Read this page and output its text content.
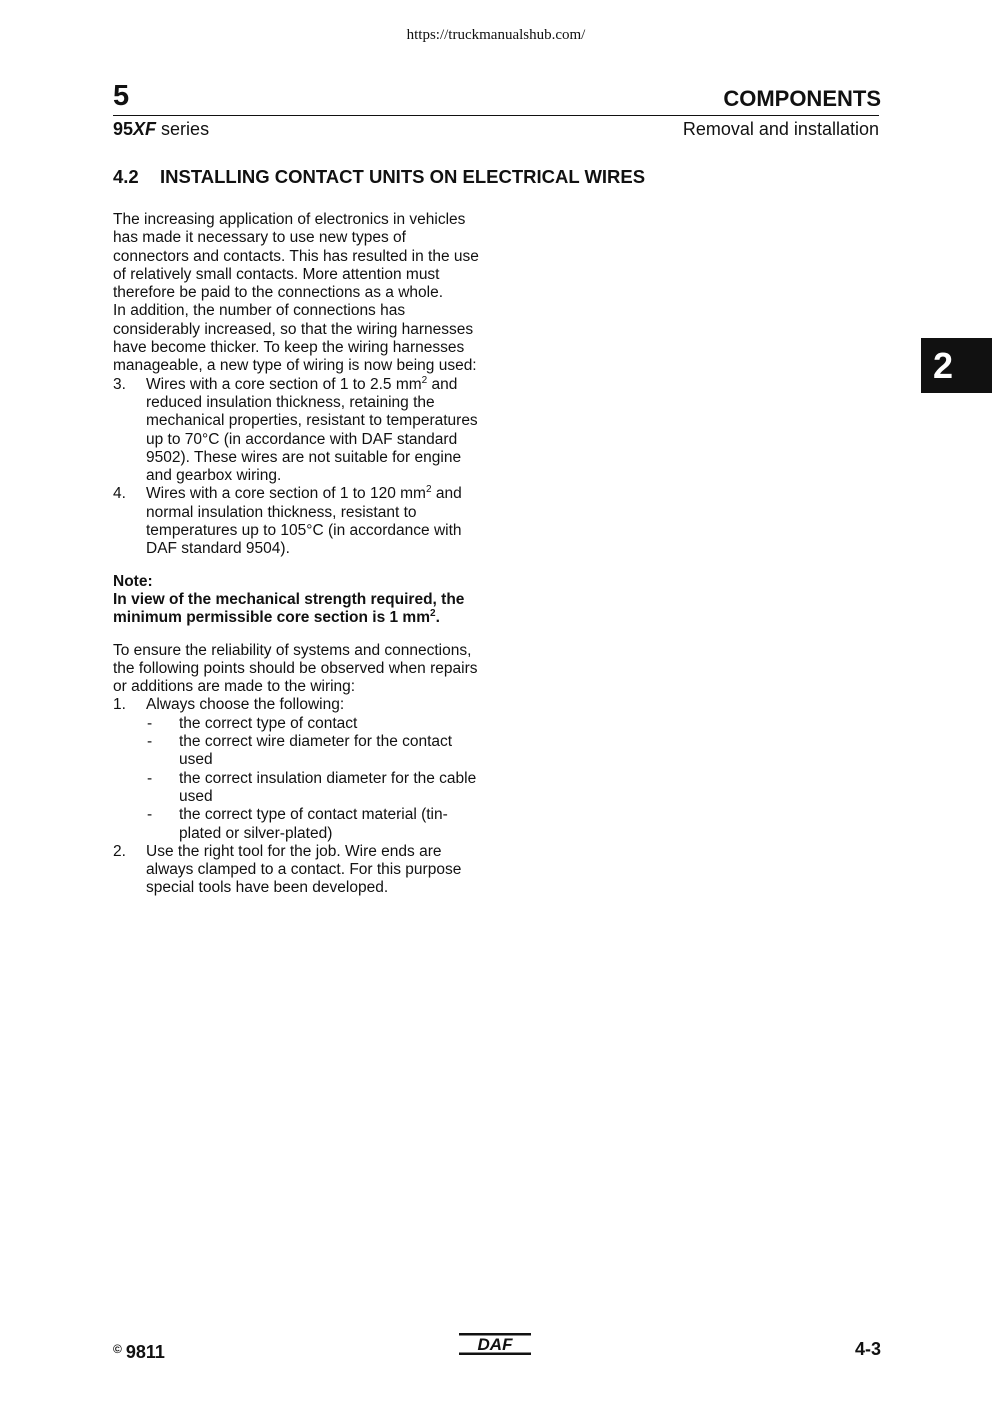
https://truckmanualshub.com/
5	COMPONENTS
95XF series	Removal and installation
4.2 INSTALLING CONTACT UNITS ON ELECTRICAL WIRES

The increasing application of electronics in vehicles has made it necessary to use new types of connectors and contacts. This has resulted in the use of relatively small contacts. More attention must therefore be paid to the connections as a whole.

In addition, the number of connections has considerably increased, so that the wiring harnesses have become thicker. To keep the wiring harnesses manageable, a new type of wiring is now being used:

3.	Wires with a core section of 1 to 2.5 $mm^2$ and reduced insulation thickness, retaining the mechanical properties, resistant to temperatures up to 70°C (in accordance with DAF standard 9502). These wires are not suitable for engine and gearbox wiring.
4.	Wires with a core section of 1 to 120 $mm^2$ and normal insulation thickness, resistant to temperatures up to 105°C (in accordance with DAF standard 9504).
Note:
In view of the mechanical strength required, the minimum permissible core section is 1 $mm^2$.

To ensure the reliability of systems and connections, the following points should be observed when repairs or additions are made to the wiring:

1.	Always choose the following:
-	the correct type of contact
-	the correct wire diameter for the contact used
-	the correct insulation diameter for the cable used
-	the correct type of contact material (tin-plated or silver-plated)
2.	Use the right tool for the job. Wire ends are always clamped to a contact. For this purpose special tools have been developed.
2
© 9811	DAF	4-3
